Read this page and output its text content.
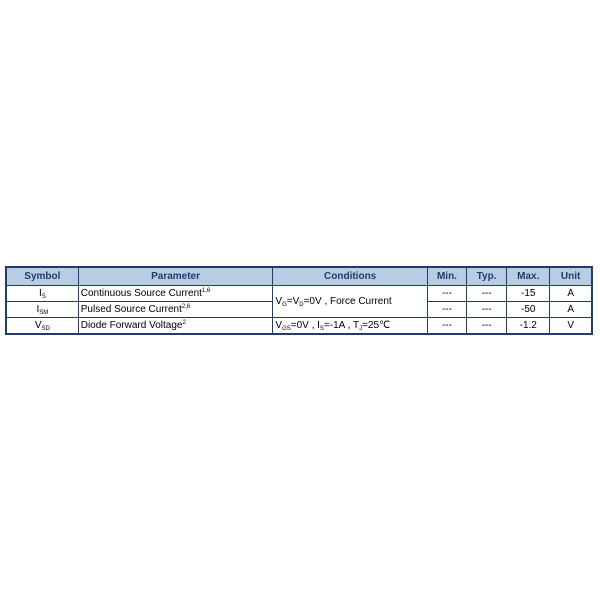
Symbol	Parameter	Conditions	Min.	Typ.	Max.	Unit
$I_S$	Continuous Source Current$^{1,6}$	$V_G=V_D=0V$ , Force Current	---	---	-15	A
$I_{SM}$	Pulsed Source Current$^{2,6}$		---	---	-50	A
$V_{SD}$	Diode Forward Voltage$^2$	$V_{GS}=0V$ , $I_S=-1A$ , $T_J=25℃$	---	---	-1.2	V
